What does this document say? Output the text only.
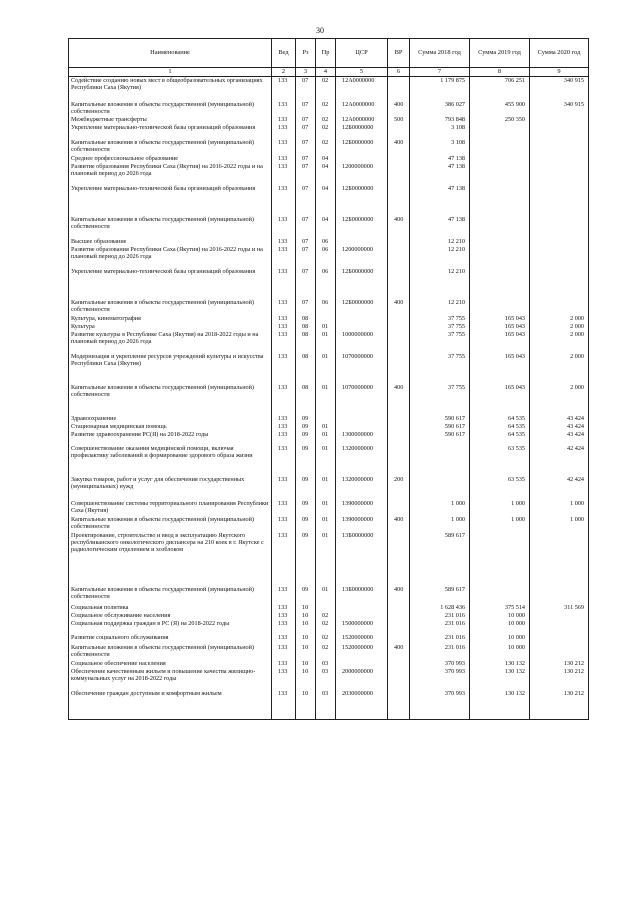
30
Наименование	Вед	Рз	Пр	ЦСР	ВР	Сумма 2018 год	Сумма 2019 год	Сумма 2020 год
1	2	3	4	5	6	7	8	9
Содействие созданию новых мест в общеобразовательных организациях Республики Саха (Якутия)	133	07	02	12А0000000		1 179 875	706 251	340 915
Капитальные вложения в объекты государственной (муниципальной) собственности	133	07	02	12А0000000	400	386 027	455 900	340 915
Межбюджетные трансферты	133	07	02	12А0000000	500	793 848	250 350	
Укрепление материально-технической базы организаций образования	133	07	02	12Б0000000		3 108		
Капитальные вложения в объекты государственной (муниципальной) собственности	133	07	02	12Б0000000	400	3 108		
Среднее профессиональное образование	133	07	04			47 138		
Развитие образования Республики Саха (Якутия) на 2016-2022 годы и на плановый период до 2026 года	133	07	04	1200000000		47 138		
Укрепление материально-технической базы организаций образования	133	07	04	12Б0000000		47 138		
Капитальные вложения в объекты государственной (муниципальной) собственности	133	07	04	12Б0000000	400	47 138		
Высшее образование	133	07	06			12 210		
Развитие образования Республики Саха (Якутия) на 2016-2022 годы и на плановый период до 2026 года	133	07	06	1200000000		12 210		
Укрепление материально-технической базы организаций образования	133	07	06	12Б0000000		12 210		
Капитальные вложения в объекты государственной (муниципальной) собственности	133	07	06	12Б0000000	400	12 210		
Культура, кинематография	133	08				37 755	165 043	2 000
Культура	133	08	01			37 755	165 043	2 000
Развитие культуры в Республике Саха (Якутия) на 2018-2022 годы и на плановый период до 2026 года	133	08	01	1000000000		37 755	165 043	2 000
Модернизация и укрепление ресурсов учреждений культуры и искусства Республики Саха (Якутия)	133	08	01	1070000000		37 755	165 043	2 000
Капитальные вложения в объекты государственной (муниципальной) собственности	133	08	01	1070000000	400	37 755	165 043	2 000
Здравоохранение	133	09				590 617	64 535	43 424
Стационарная медицинская помощь	133	09	01			590 617	64 535	43 424
Развитие здравоохранения РС(Я) на 2018-2022 годы	133	09	01	1300000000		590 617	64 535	43 424
Совершенствование оказания медицинской помощи, включая профилактику заболеваний и формирование здорового образа жизни	133	09	01	1320000000			63 535	42 424
Закупка товаров, работ и услуг для обеспечения государственных (муниципальных) нужд	133	09	01	1320000000	200		63 535	42 424
Совершенствование системы территориального планирования Республики Саха (Якутия)	133	09	01	1390000000		1 000	1 000	1 000
Капитальные вложения в объекты государственной (муниципальной) собственности	133	09	01	1390000000	400	1 000	1 000	1 000
Проектирование, строительство и ввод в эксплуатацию Якутского республиканского онкологического диспансера на 210 коек в г. Якутске с радиологическим отделением и хозблоком	133	09	01	13Б0000000		589 617		
Капитальные вложения в объекты государственной (муниципальной) собственности	133	09	01	13Б0000000	400	589 617		
Социальная политика	133	10				1 628 436	375 514	311 569
Социальное обслуживание населения	133	10	02			231 016	10 000	
Социальная поддержка граждан в РС (Я) на 2018-2022 годы	133	10	02	1500000000		231 016	10 000	
Развитие социального обслуживания	133	10	02	1520000000		231 016	10 000	
Капитальные вложения в объекты государственной (муниципальной) собственности	133	10	02	1520000000	400	231 016	10 000	
Социальное обеспечение населения	133	10	03			370 993	130 132	130 212
Обеспечение качественным жильем и повышение качества жилищно-коммунальных услуг на 2018-2022 годы	133	10	03	2000000000		370 993	130 132	130 212
Обеспечение граждан доступным и комфортным жильем	133	10	03	2030000000		370 993	130 132	130 212
